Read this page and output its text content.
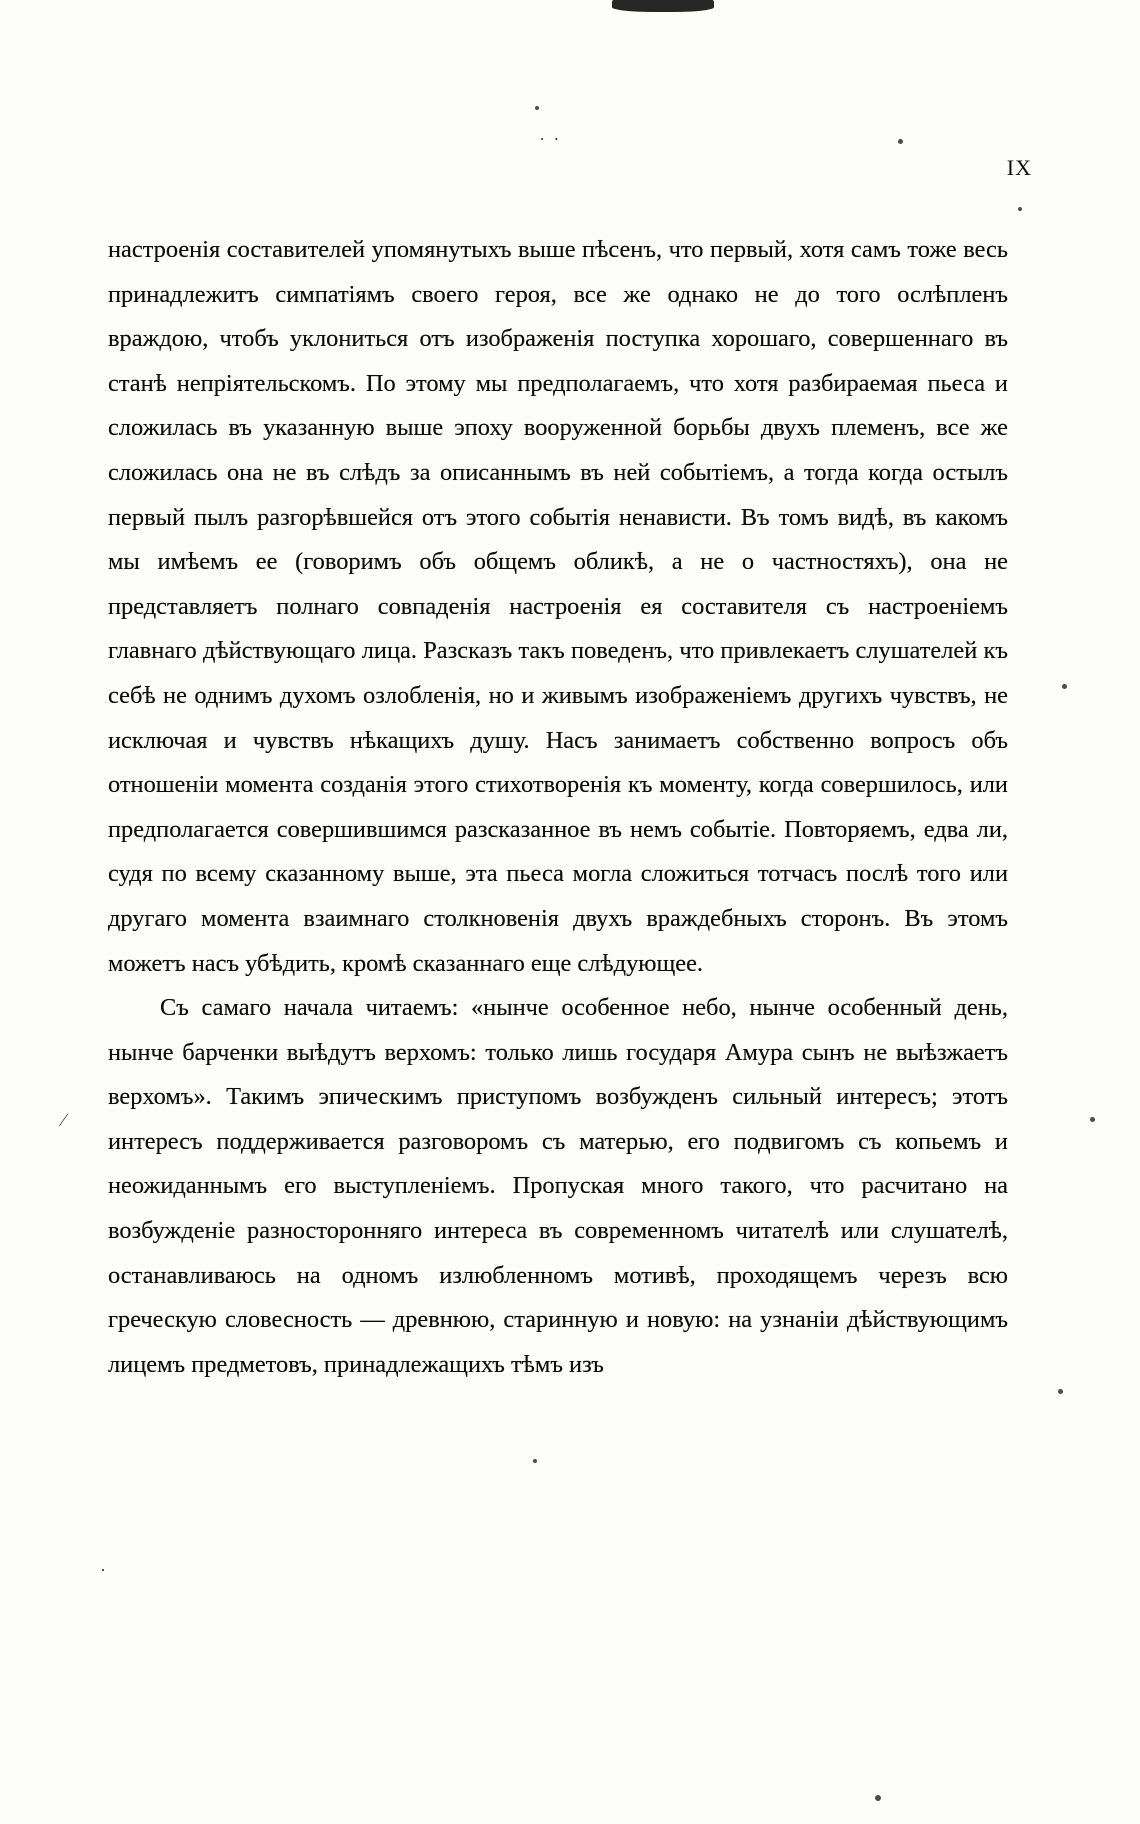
..
⁄
·
IX

настроенія составителей упомянутыхъ выше пѣсенъ, что первый, хотя самъ тоже весь принадлежитъ симпатіямъ своего героя, все же однако не до того ослѣпленъ враждою, чтобъ уклониться отъ изображенія поступка хорошаго, совершеннаго въ станѣ непріятельскомъ. По этому мы предполагаемъ, что хотя разбираемая пьеса и сложилась въ указанную выше эпоху вооруженной борьбы двухъ племенъ, все же сложилась она не въ слѣдъ за описаннымъ въ ней событіемъ, а тогда когда остылъ первый пылъ разгорѣвшейся отъ этого событія ненависти. Въ томъ видѣ, въ какомъ мы имѣемъ ее (говоримъ объ общемъ обликѣ, а не о частностяхъ), она не представляетъ полнаго совпаденія настроенія ея составителя съ настроеніемъ главнаго дѣйствующаго лица. Разсказъ такъ поведенъ, что привлекаетъ слушателей къ себѣ не однимъ духомъ озлобленія, но и живымъ изображеніемъ другихъ чувствъ, не исключая и чувствъ нѣкащихъ душу. Насъ занимаетъ собственно вопросъ объ отношеніи момента созданія этого стихотворенія къ моменту, когда совершилось, или предполагается совершившимся разсказанное въ немъ событіе. Повторяемъ, едва ли, судя по всему сказанному выше, эта пьеса могла сложиться тотчасъ послѣ того или другаго момента взаимнаго столкновенія двухъ враждебныхъ сторонъ. Въ этомъ можетъ насъ убѣдить, кромѣ сказаннаго еще слѣдующее.

Съ самаго начала читаемъ: «нынче особенное небо, нынче особенный день, нынче барченки выѣдутъ верхомъ: только лишь государя Амура сынъ не выѣзжаетъ верхомъ». Такимъ эпическимъ приступомъ возбужденъ сильный интересъ; этотъ интересъ поддерживается разговоромъ съ матерью, его подвигомъ съ копьемъ и неожиданнымъ его выступленіемъ. Пропуская много такого, что расчитано на возбужденіе разносторонняго интереса въ современномъ читателѣ или слушателѣ, останавливаюсь на одномъ излюбленномъ мотивѣ, проходящемъ черезъ всю греческую словесность — древнюю, старинную и новую: на узнаніи дѣйствующимъ лицемъ предметовъ, принадлежащихъ тѣмъ изъ
